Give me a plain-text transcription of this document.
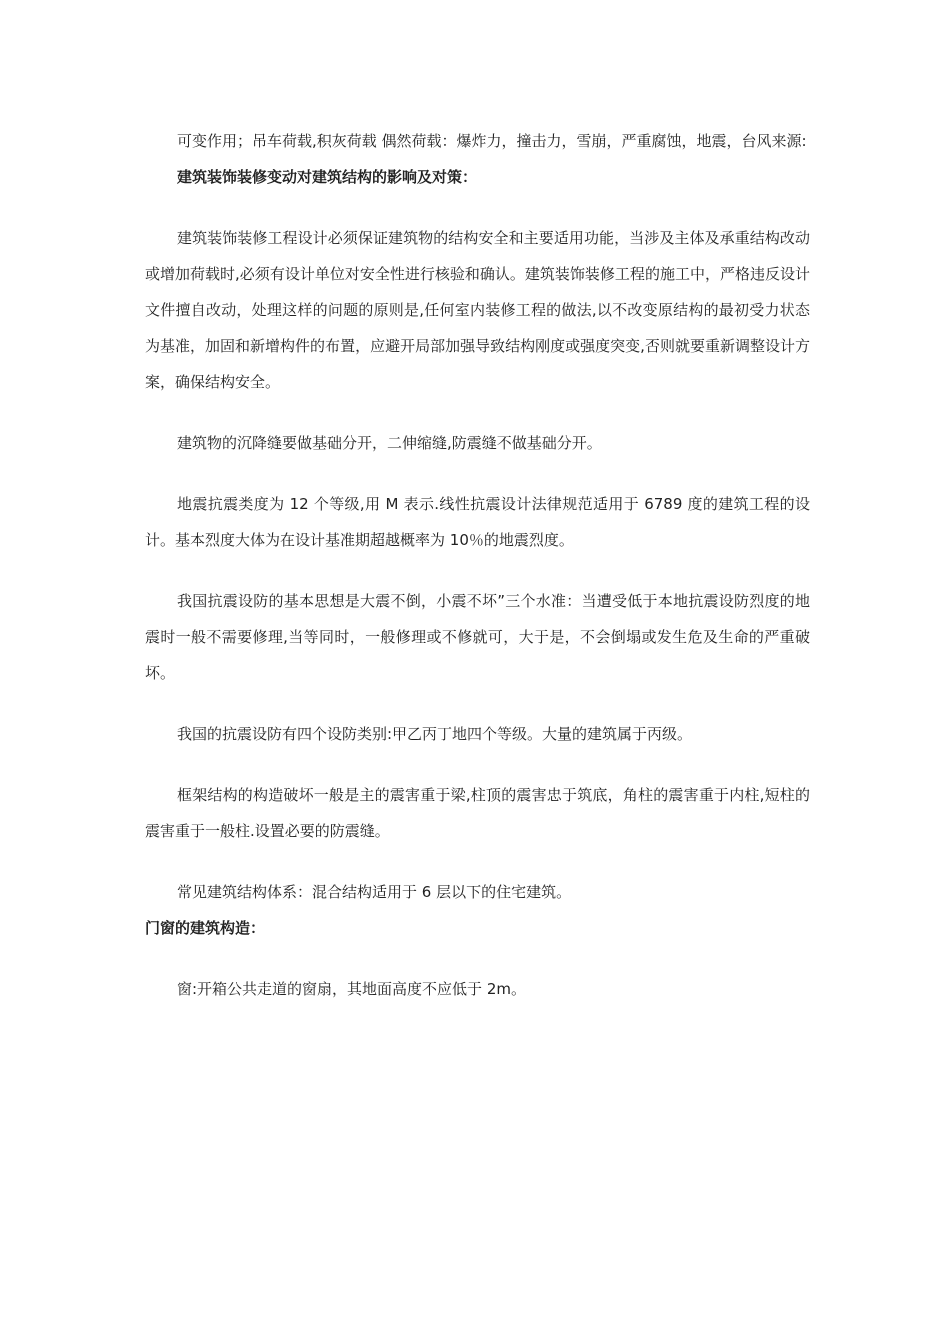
可变作用；吊车荷载,积灰荷载 偶然荷载：爆炸力，撞击力，雪崩，严重腐蚀，地震，台风来源:

建筑装饰装修变动对建筑结构的影响及对策：

建筑装饰装修工程设计必须保证建筑物的结构安全和主要适用功能，当涉及主体及承重结构改动或增加荷载时,必须有设计单位对安全性进行核验和确认。建筑装饰装修工程的施工中，严格违反设计文件擅自改动，处理这样的问题的原则是,任何室内装修工程的做法,以不改变原结构的最初受力状态为基准，加固和新增构件的布置，应避开局部加强导致结构刚度或强度突变,否则就要重新调整设计方案，确保结构安全。

建筑物的沉降缝要做基础分开，二伸缩缝,防震缝不做基础分开。

地震抗震类度为 12 个等级,用 M 表示.线性抗震设计法律规范适用于 6789 度的建筑工程的设计。基本烈度大体为在设计基准期超越概率为 10％的地震烈度。

我国抗震设防的基本思想是大震不倒，小震不坏”三个水准：当遭受低于本地抗震设防烈度的地震时一般不需要修理,当等同时，一般修理或不修就可，大于是，不会倒塌或发生危及生命的严重破坏。

我国的抗震设防有四个设防类别:甲乙丙丁地四个等级。大量的建筑属于丙级。

框架结构的构造破坏一般是主的震害重于梁,柱顶的震害忠于筑底，角柱的震害重于内柱,短柱的震害重于一般柱.设置必要的防震缝。

常见建筑结构体系：混合结构适用于 6 层以下的住宅建筑。

门窗的建筑构造：

窗:开箱公共走道的窗扇，其地面高度不应低于 2m。
